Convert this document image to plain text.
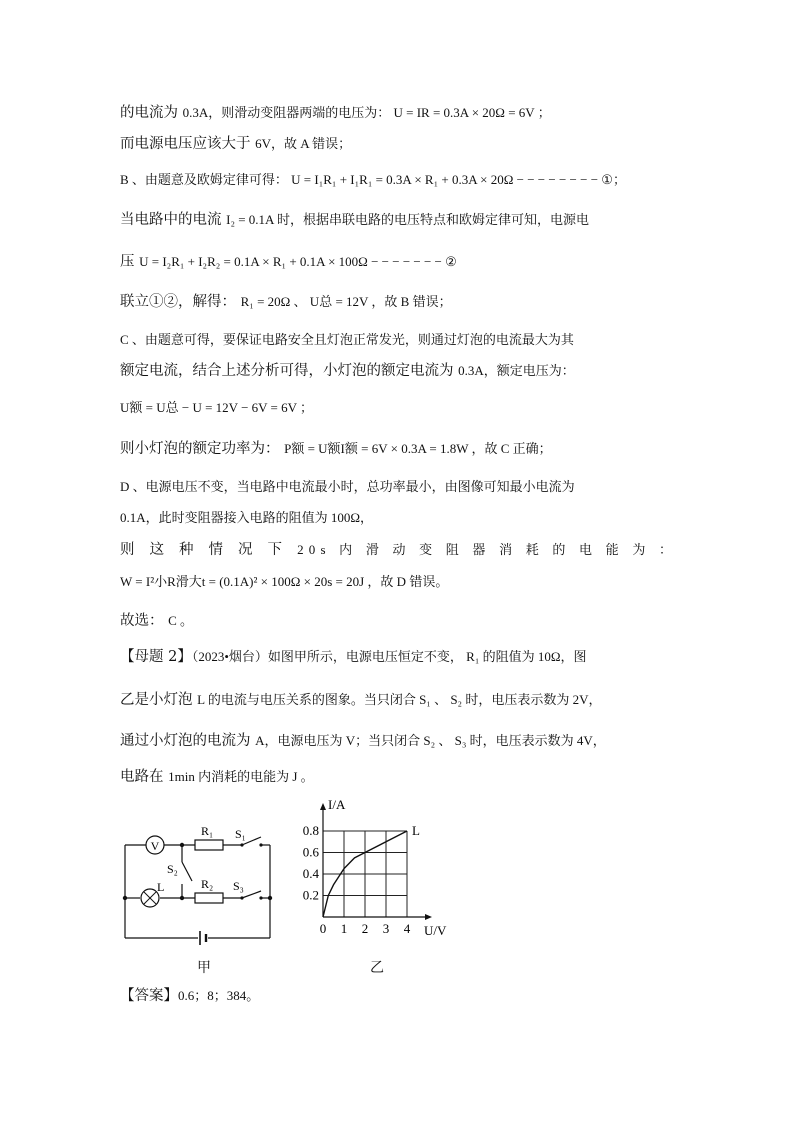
的电流为 0.3A，则滑动变阻器两端的电压为： U = IR = 0.3A × 20Ω = 6V ；
而电源电压应该大于 6V，故 A 错误；
B 、由题意及欧姆定律可得： U = I₁R₁ + I₁R₁ = 0.3A × R₁ + 0.3A × 20Ω − − − − − − − − ①；
当电路中的电流 I₂ = 0.1A 时，根据串联电路的电压特点和欧姆定律可知，电源电
压 U = I₂R₁ + I₂R₂ = 0.1A × R₁ + 0.1A × 100Ω − − − − − − − ②
联立①②，解得： R₁ = 20Ω 、 U总 = 12V ，故 B 错误；
C 、由题意可得，要保证电路安全且灯泡正常发光，则通过灯泡的电流最大为其
额定电流，结合上述分析可得，小灯泡的额定电流为 0.3A，额定电压为：
U额 = U总 − U = 12V − 6V = 6V ；
则小灯泡的额定功率为： P额 = U额I额 = 6V × 0.3A = 1.8W ，故 C 正确；
D 、电源电压不变，当电路中电流最小时，总功率最小，由图像可知最小电流为
0.1A，此时变阻器接入电路的阻值为 100Ω，
则 这 种 情 况 下 20s 内 滑 动 变 阻 器 消 耗 的 电 能 为 ：
W = I²小R滑大t = (0.1A)² × 100Ω × 20s = 20J ，故 D 错误。
故选： C 。
【母题 2】（2023•烟台）如图甲所示，电源电压恒定不变， R₁ 的阻值为 10Ω，图
乙是小灯泡 L 的电流与电压关系的图象。当只闭合 S₁ 、 S₂ 时，电压表示数为 2V，
通过小灯泡的电流为 A，电源电压为 V；当只闭合 S₂ 、 S₃ 时，电压表示数为 4V，
电路在 1min 内消耗的电能为 J 。
V
L
R₁
R₂
S₁
S₂
S₃
甲
0 1 2 3 4
0.2
0.4
0.6
0.8
I/A
U/V
L
乙
【答案】0.6；8；384。
